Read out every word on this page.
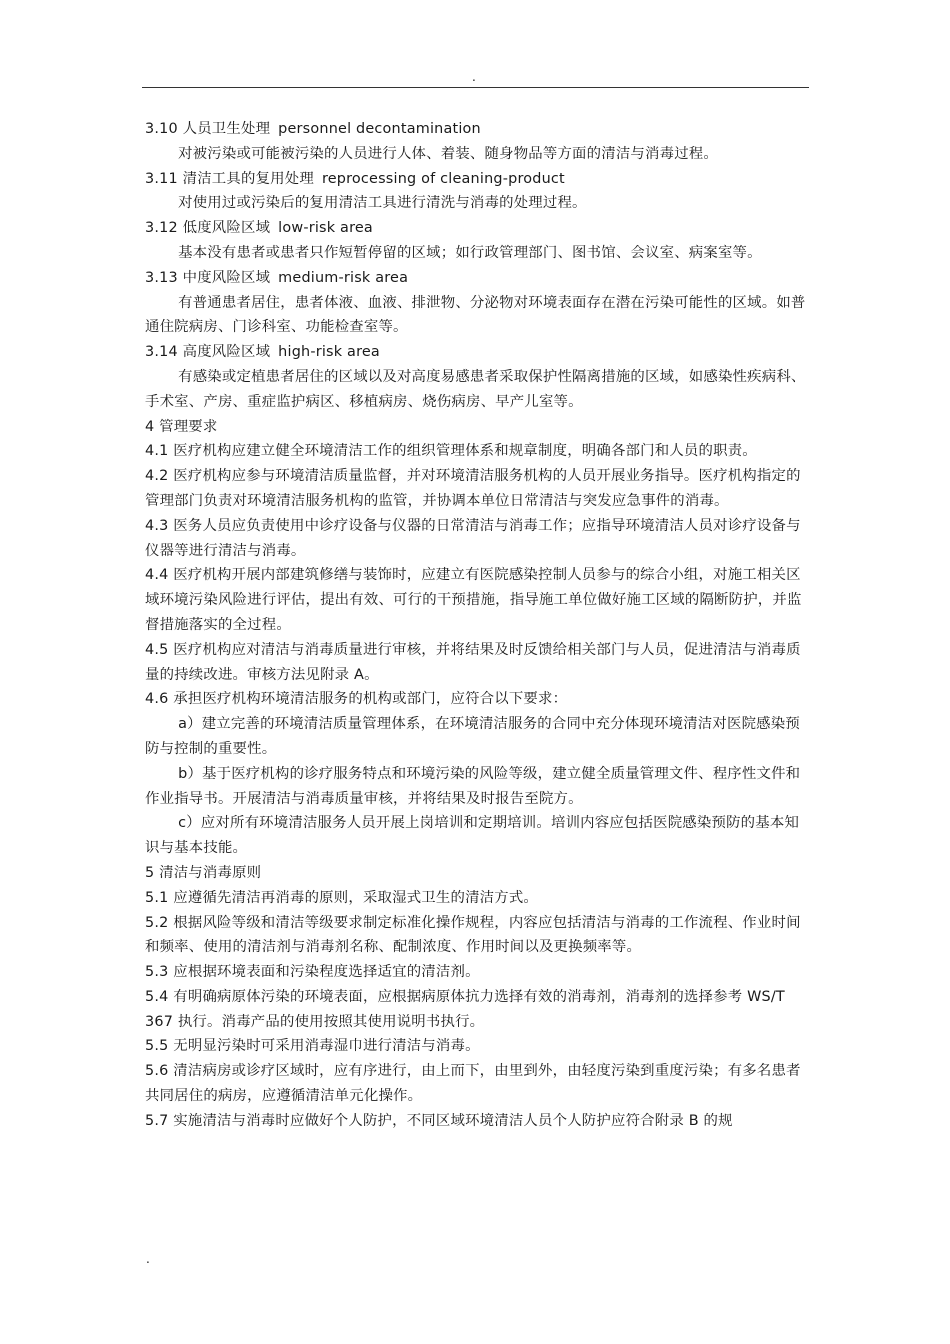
.

3.10 人员卫生处理 personnel decontamination

对被污染或可能被污染的人员进行人体、着装、随身物品等方面的清洁与消毒过程。

3.11 清洁工具的复用处理 reprocessing of cleaning-product

对使用过或污染后的复用清洁工具进行清洗与消毒的处理过程。

3.12 低度风险区域 low-risk area

基本没有患者或患者只作短暂停留的区域；如行政管理部门、图书馆、会议室、病案室等。

3.13 中度风险区域 medium-risk area

有普通患者居住，患者体液、血液、排泄物、分泌物对环境表面存在潜在污染可能性的区域。如普通住院病房、门诊科室、功能检查室等。

3.14 高度风险区域 high-risk area

有感染或定植患者居住的区域以及对高度易感患者采取保护性隔离措施的区域，如感染性疾病科、手术室、产房、重症监护病区、移植病房、烧伤病房、早产儿室等。

4 管理要求

4.1 医疗机构应建立健全环境清洁工作的组织管理体系和规章制度，明确各部门和人员的职责。

4.2 医疗机构应参与环境清洁质量监督，并对环境清洁服务机构的人员开展业务指导。医疗机构指定的管理部门负责对环境清洁服务机构的监管，并协调本单位日常清洁与突发应急事件的消毒。

4.3 医务人员应负责使用中诊疗设备与仪器的日常清洁与消毒工作；应指导环境清洁人员对诊疗设备与仪器等进行清洁与消毒。

4.4 医疗机构开展内部建筑修缮与装饰时，应建立有医院感染控制人员参与的综合小组，对施工相关区域环境污染风险进行评估，提出有效、可行的干预措施，指导施工单位做好施工区域的隔断防护，并监督措施落实的全过程。

4.5 医疗机构应对清洁与消毒质量进行审核，并将结果及时反馈给相关部门与人员，促进清洁与消毒质量的持续改进。审核方法见附录 A。

4.6 承担医疗机构环境清洁服务的机构或部门，应符合以下要求：

a）建立完善的环境清洁质量管理体系，在环境清洁服务的合同中充分体现环境清洁对医院感染预防与控制的重要性。

b）基于医疗机构的诊疗服务特点和环境污染的风险等级，建立健全质量管理文件、程序性文件和作业指导书。开展清洁与消毒质量审核，并将结果及时报告至院方。

c）应对所有环境清洁服务人员开展上岗培训和定期培训。培训内容应包括医院感染预防的基本知识与基本技能。

5 清洁与消毒原则

5.1 应遵循先清洁再消毒的原则，采取湿式卫生的清洁方式。

5.2 根据风险等级和清洁等级要求制定标准化操作规程，内容应包括清洁与消毒的工作流程、作业时间和频率、使用的清洁剂与消毒剂名称、配制浓度、作用时间以及更换频率等。

5.3 应根据环境表面和污染程度选择适宜的清洁剂。

5.4 有明确病原体污染的环境表面，应根据病原体抗力选择有效的消毒剂，消毒剂的选择参考 WS/T 367 执行。消毒产品的使用按照其使用说明书执行。

5.5 无明显污染时可采用消毒湿巾进行清洁与消毒。

5.6 清洁病房或诊疗区域时，应有序进行，由上而下，由里到外，由轻度污染到重度污染；有多名患者共同居住的病房，应遵循清洁单元化操作。

5.7 实施清洁与消毒时应做好个人防护，不同区域环境清洁人员个人防护应符合附录 B 的规

.
